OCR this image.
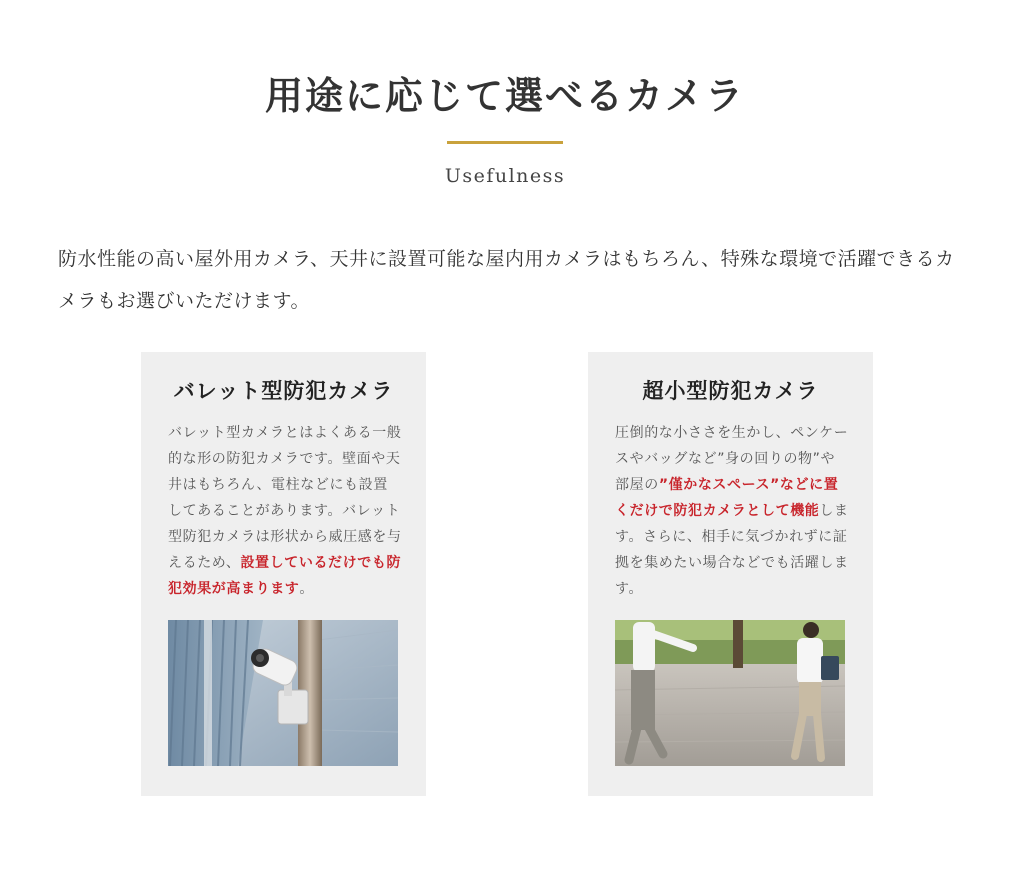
用途に応じて選べるカメラ
Usefulness

防水性能の高い屋外用カメラ、天井に設置可能な屋内用カメラはもちろん、特殊な環境で活躍できるカメラもお選びいただけます。

バレット型防犯カメラ

バレット型カメラとはよくある一般的な形の防犯カメラです。壁面や天井はもちろん、電柱などにも設置してあることがあります。バレット型防犯カメラは形状から威圧感を与えるため、設置しているだけでも防犯効果が高まります。

超小型防犯カメラ

圧倒的な小ささを生かし、ペンケースやバッグなど”身の回りの物”や部屋の”僅かなスペース”などに置くだけで防犯カメラとして機能します。さらに、相手に気づかれずに証拠を集めたい場合などでも活躍します。
